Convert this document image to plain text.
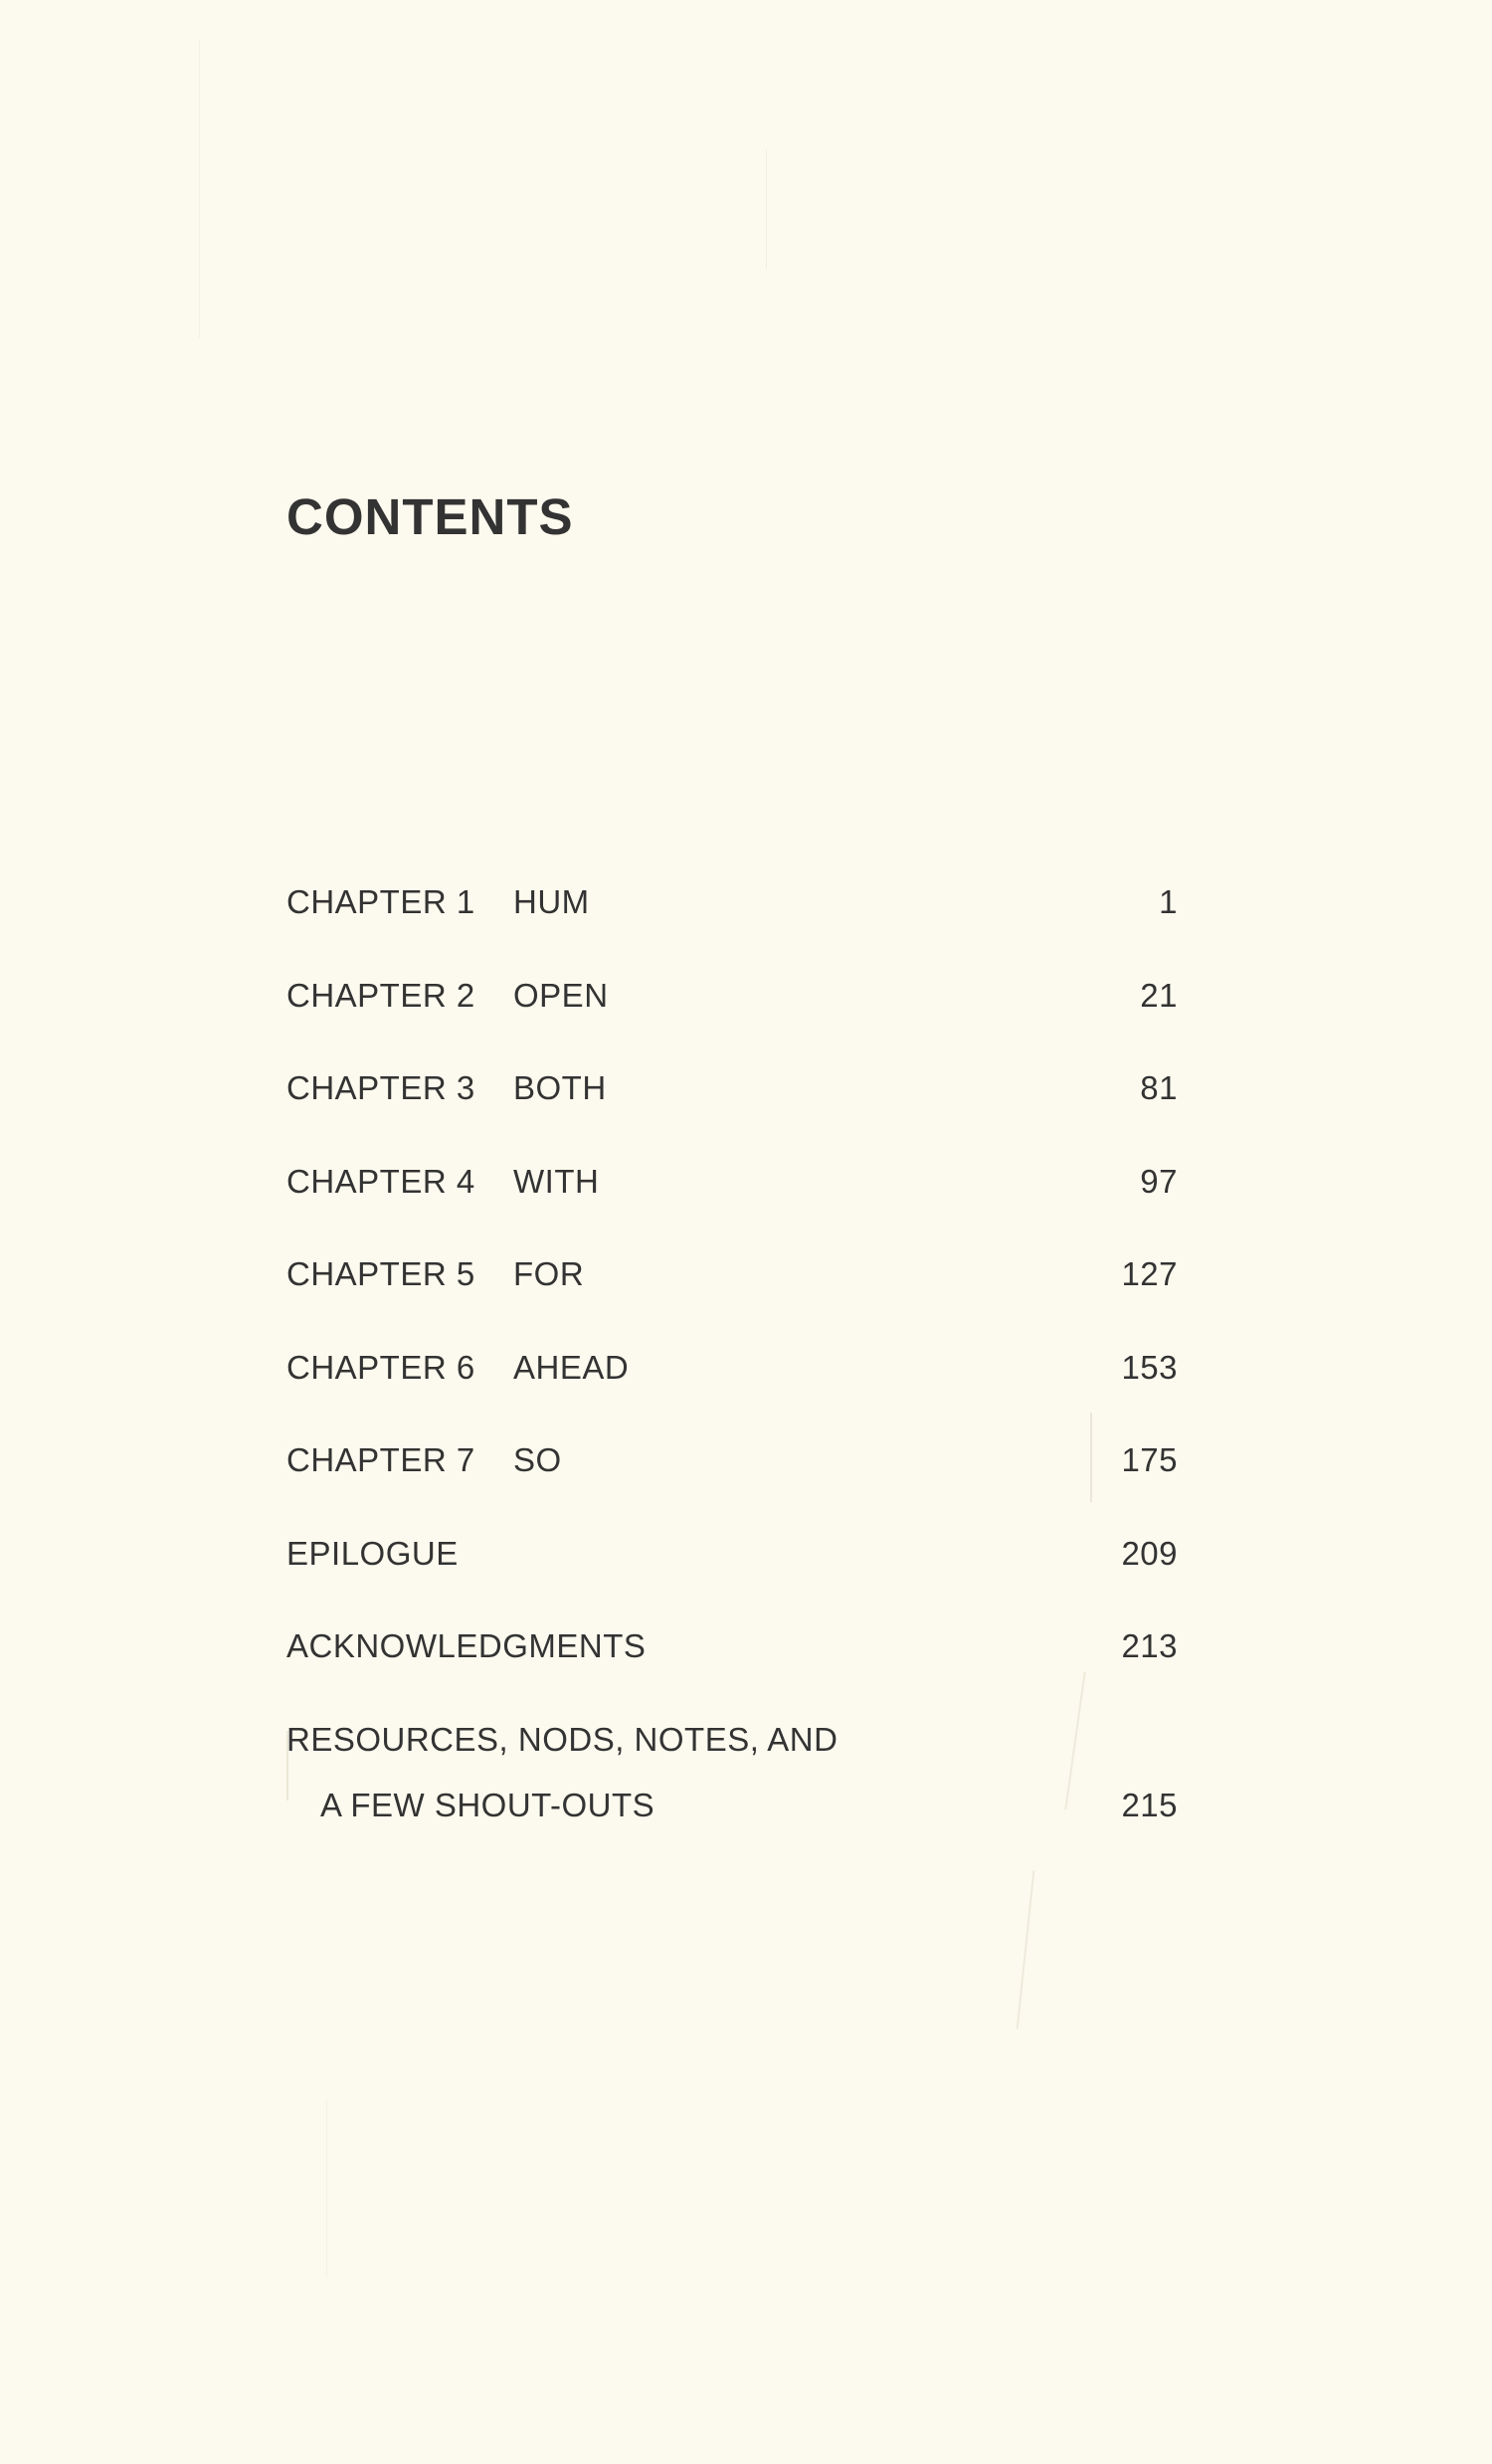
CONTENTS
CHAPTER 1 HUM	1
CHAPTER 2 OPEN	21
CHAPTER 3 BOTH	81
CHAPTER 4 WITH	97
CHAPTER 5 FOR	127
CHAPTER 6 AHEAD	153
CHAPTER 7 SO	175
EPILOGUE	209
ACKNOWLEDGMENTS	213
RESOURCES, NODS, NOTES, AND
A FEW SHOUT-OUTS	215
